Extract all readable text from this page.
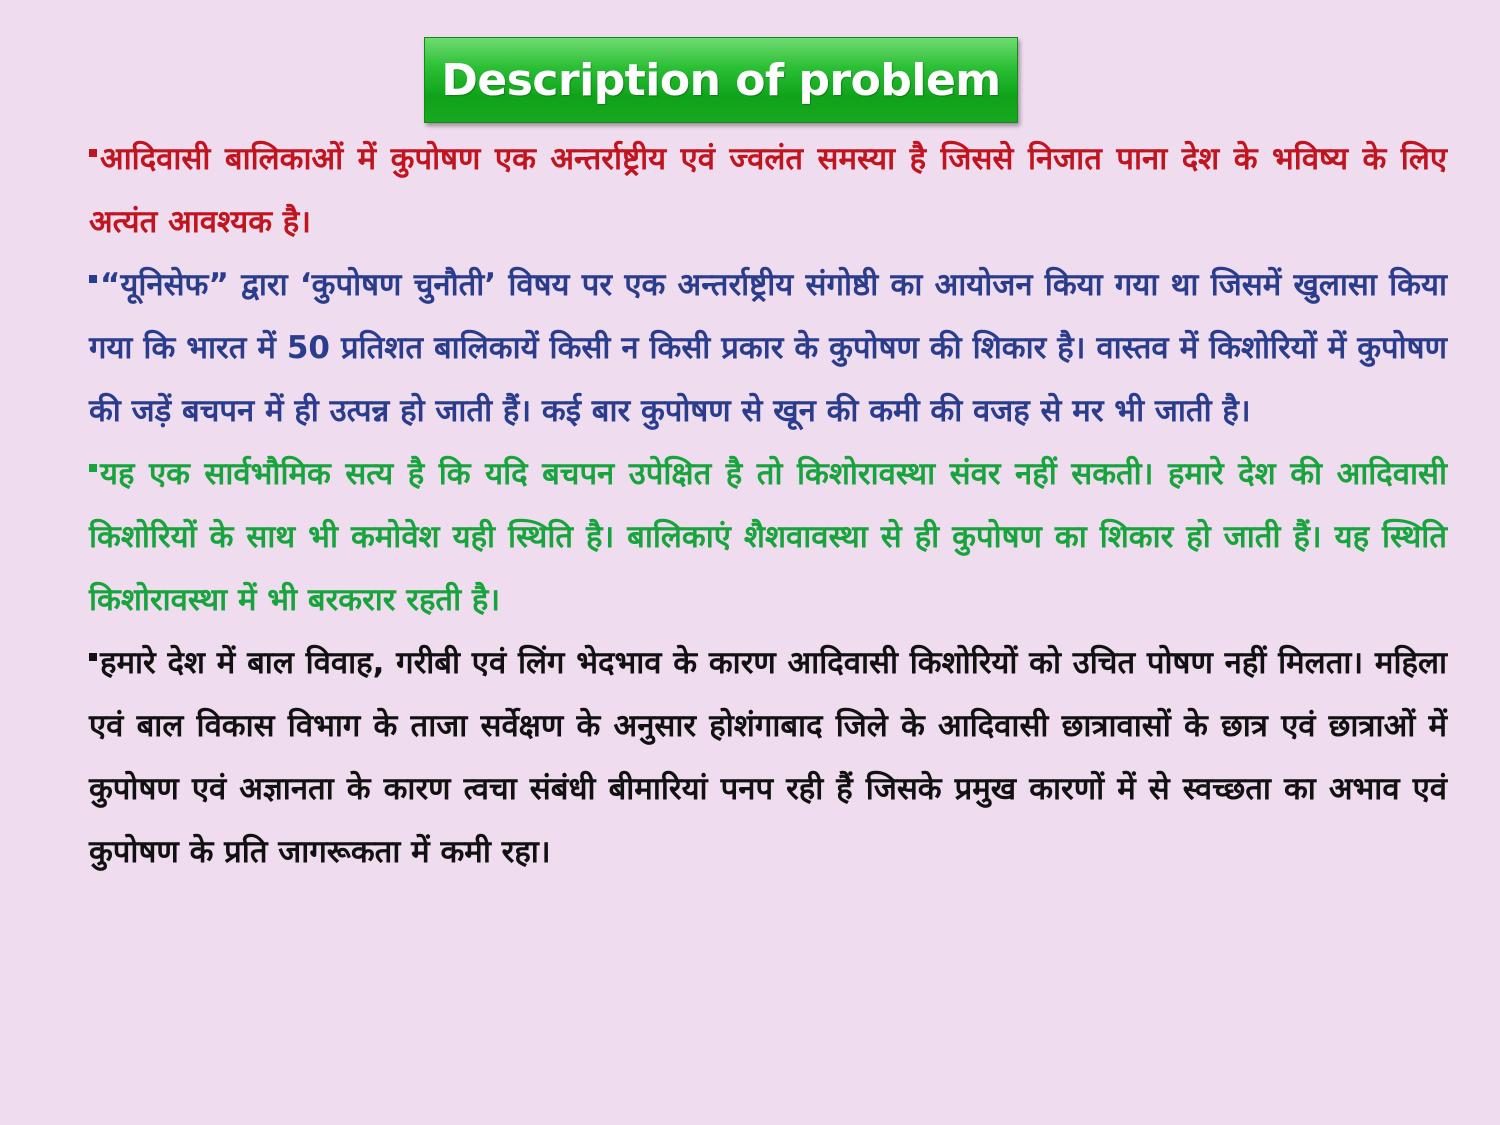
Description of problem

आदिवासी बालिकाओं में कुपोषण एक अन्तर्राष्ट्रीय एवं ज्वलंत समस्या है जिससे निजात पाना देश के भविष्य के लिए अत्यंत आवश्यक है।

“यूनिसेफ” द्वारा ‘कुपोषण चुनौती’ विषय पर एक अन्तर्राष्ट्रीय संगोष्ठी का आयोजन किया गया था जिसमें खुलासा किया गया कि भारत में 50 प्रतिशत बालिकायें किसी न किसी प्रकार के कुपोषण की शिकार है। वास्तव में किशोरियों में कुपोषण की जड़ें बचपन में ही उत्पन्न हो जाती हैं। कई बार कुपोषण से खून की कमी की वजह से मर भी जाती है।

यह एक सार्वभौमिक सत्य है कि यदि बचपन उपेक्षित है तो किशोरावस्था संवर नहीं सकती। हमारे देश की आदिवासी किशोरियों के साथ भी कमोवेश यही स्थिति है। बालिकाएं शैशवावस्था से ही कुपोषण का शिकार हो जाती हैं। यह स्थिति किशोरावस्था में भी बरकरार रहती है।

हमारे देश में बाल विवाह, गरीबी एवं लिंग भेदभाव के कारण आदिवासी किशोरियों को उचित पोषण नहीं मिलता। महिला एवं बाल विकास विभाग के ताजा सर्वेक्षण के अनुसार होशंगाबाद जिले के आदिवासी छात्रावासों के छात्र एवं छात्राओं में कुपोषण एवं अज्ञानता के कारण त्वचा संबंधी बीमारियां पनप रही हैं जिसके प्रमुख कारणों में से स्वच्छता का अभाव एवं कुपोषण के प्रति जागरूकता में कमी रहा।
